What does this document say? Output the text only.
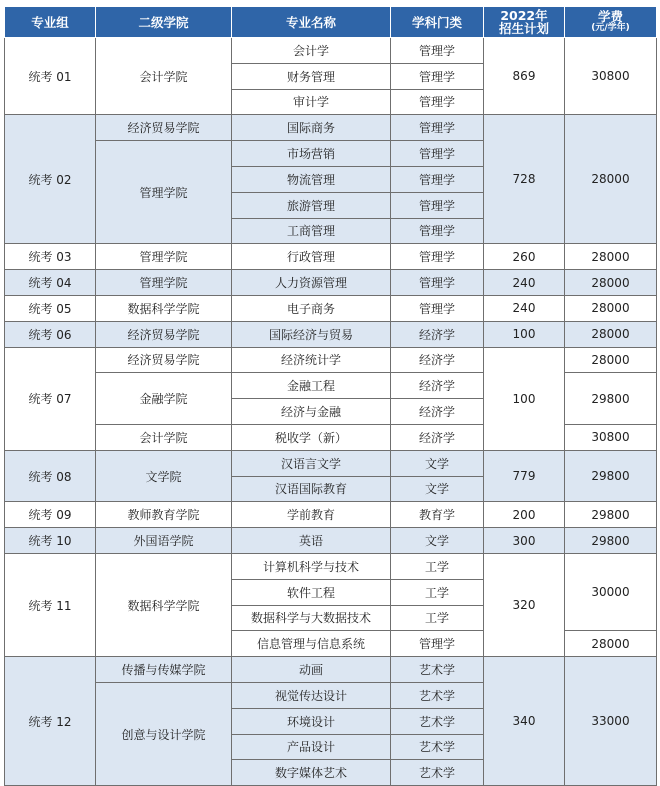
专业组	二级学院	专业名称	学科门类	2022年
招生计划	学费
(元/学年)

统考 01	会计学院	会计学	管理学	869	30800
		财务管理	管理学		
		审计学	管理学		
统考 02	经济贸易学院	国际商务	管理学	728	28000
	管理学院	市场营销	管理学		
		物流管理	管理学		
		旅游管理	管理学		
		工商管理	管理学		
统考 03	管理学院	行政管理	管理学	260	28000
统考 04	管理学院	人力资源管理	管理学	240	28000
统考 05	数据科学学院	电子商务	管理学	240	28000
统考 06	经济贸易学院	国际经济与贸易	经济学	100	28000
统考 07	经济贸易学院	经济统计学	经济学	100	28000
	金融学院	金融工程	经济学		29800
		经济与金融	经济学		
	会计学院	税收学（新）	经济学		30800
统考 08	文学院	汉语言文学	文学	779	29800
		汉语国际教育	文学		
统考 09	教师教育学院	学前教育	教育学	200	29800
统考 10	外国语学院	英语	文学	300	29800
统考 11	数据科学学院	计算机科学与技术	工学	320	30000
		软件工程	工学		
		数据科学与大数据技术	工学		
		信息管理与信息系统	管理学		28000
统考 12	传播与传媒学院	动画	艺术学	340	33000
	创意与设计学院	视觉传达设计	艺术学		
		环境设计	艺术学		
		产品设计	艺术学		
		数字媒体艺术	艺术学		
